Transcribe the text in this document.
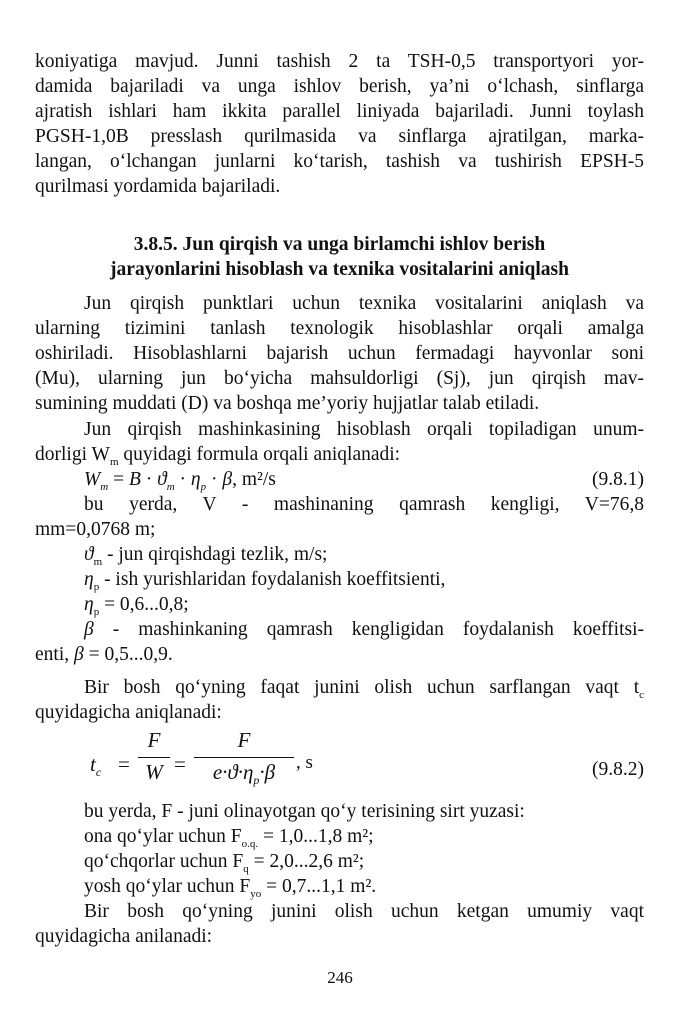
koniyatiga mavjud. Junni tashish 2 ta TSH-0,5 transportyori yor-
damida bajariladi va unga ishlov berish, ya’ni o‘lchash, sinflarga
ajratish ishlari ham ikkita parallel liniyada bajariladi. Junni toylash
PGSH-1,0B presslash qurilmasida va sinflarga ajratilgan, marka-
langan, o‘lchangan junlarni ko‘tarish, tashish va tushirish EPSH-5
qurilmasi yordamida bajariladi.
3.8.5. Jun qirqish va unga birlamchi ishlov berish
jarayonlarini hisoblash va texnika vositalarini aniqlash
Jun qirqish punktlari uchun texnika vositalarini aniqlash va
ularning tizimini tanlash texnologik hisoblashlar orqali amalga
oshiriladi. Hisoblashlarni bajarish uchun fermadagi hayvonlar soni
(Mu), ularning jun bo‘yicha mahsuldorligi (Sj), jun qirqish mav-
sumining muddati (D) va boshqa me’yoriy hujjatlar talab etiladi.
Jun qirqish mashinkasining hisoblash orqali topiladigan unum-
dorligi $W_m$ quyidagi formula orqali aniqlanadi:
$W_m = B \cdot ϑ_m \cdot \eta_p \cdot \beta$, m²/s	(9.8.1)
bu yerda, V - mashinaning qamrash kengligi, V=76,8
mm=0,0768 m;
$ϑ_m$ - jun qirqishdagi tezlik, m/s;
$\eta_p$ - ish yurishlaridan foydalanish koeffitsienti,
$\eta_p = 0,6...0,8$;
β - mashinkaning qamrash kengligidan foydalanish koeffitsi-
enti, β = 0,5...0,9.
Bir bosh qo‘yning faqat junini olish uchun sarflangan vaqt $t_c$
quyidagicha aniqlanadi:
$t_c$ =
F
W =
F
$e\cdot ϑ\cdot\eta_p\cdot\beta$	, s	(9.8.2)
bu yerda, F - juni olinayotgan qo‘y terisining sirt yuzasi:
ona qo‘ylar uchun $F_{o.q.} = 1,0...1,8$ m²;
qo‘chqorlar uchun $F_q = 2,0...2,6$ m²;
yosh qo‘ylar uchun $F_{yo} = 0,7...1,1$ m².
Bir bosh qo‘yning junini olish uchun ketgan umumiy vaqt
quyidagicha anilanadi:
246
